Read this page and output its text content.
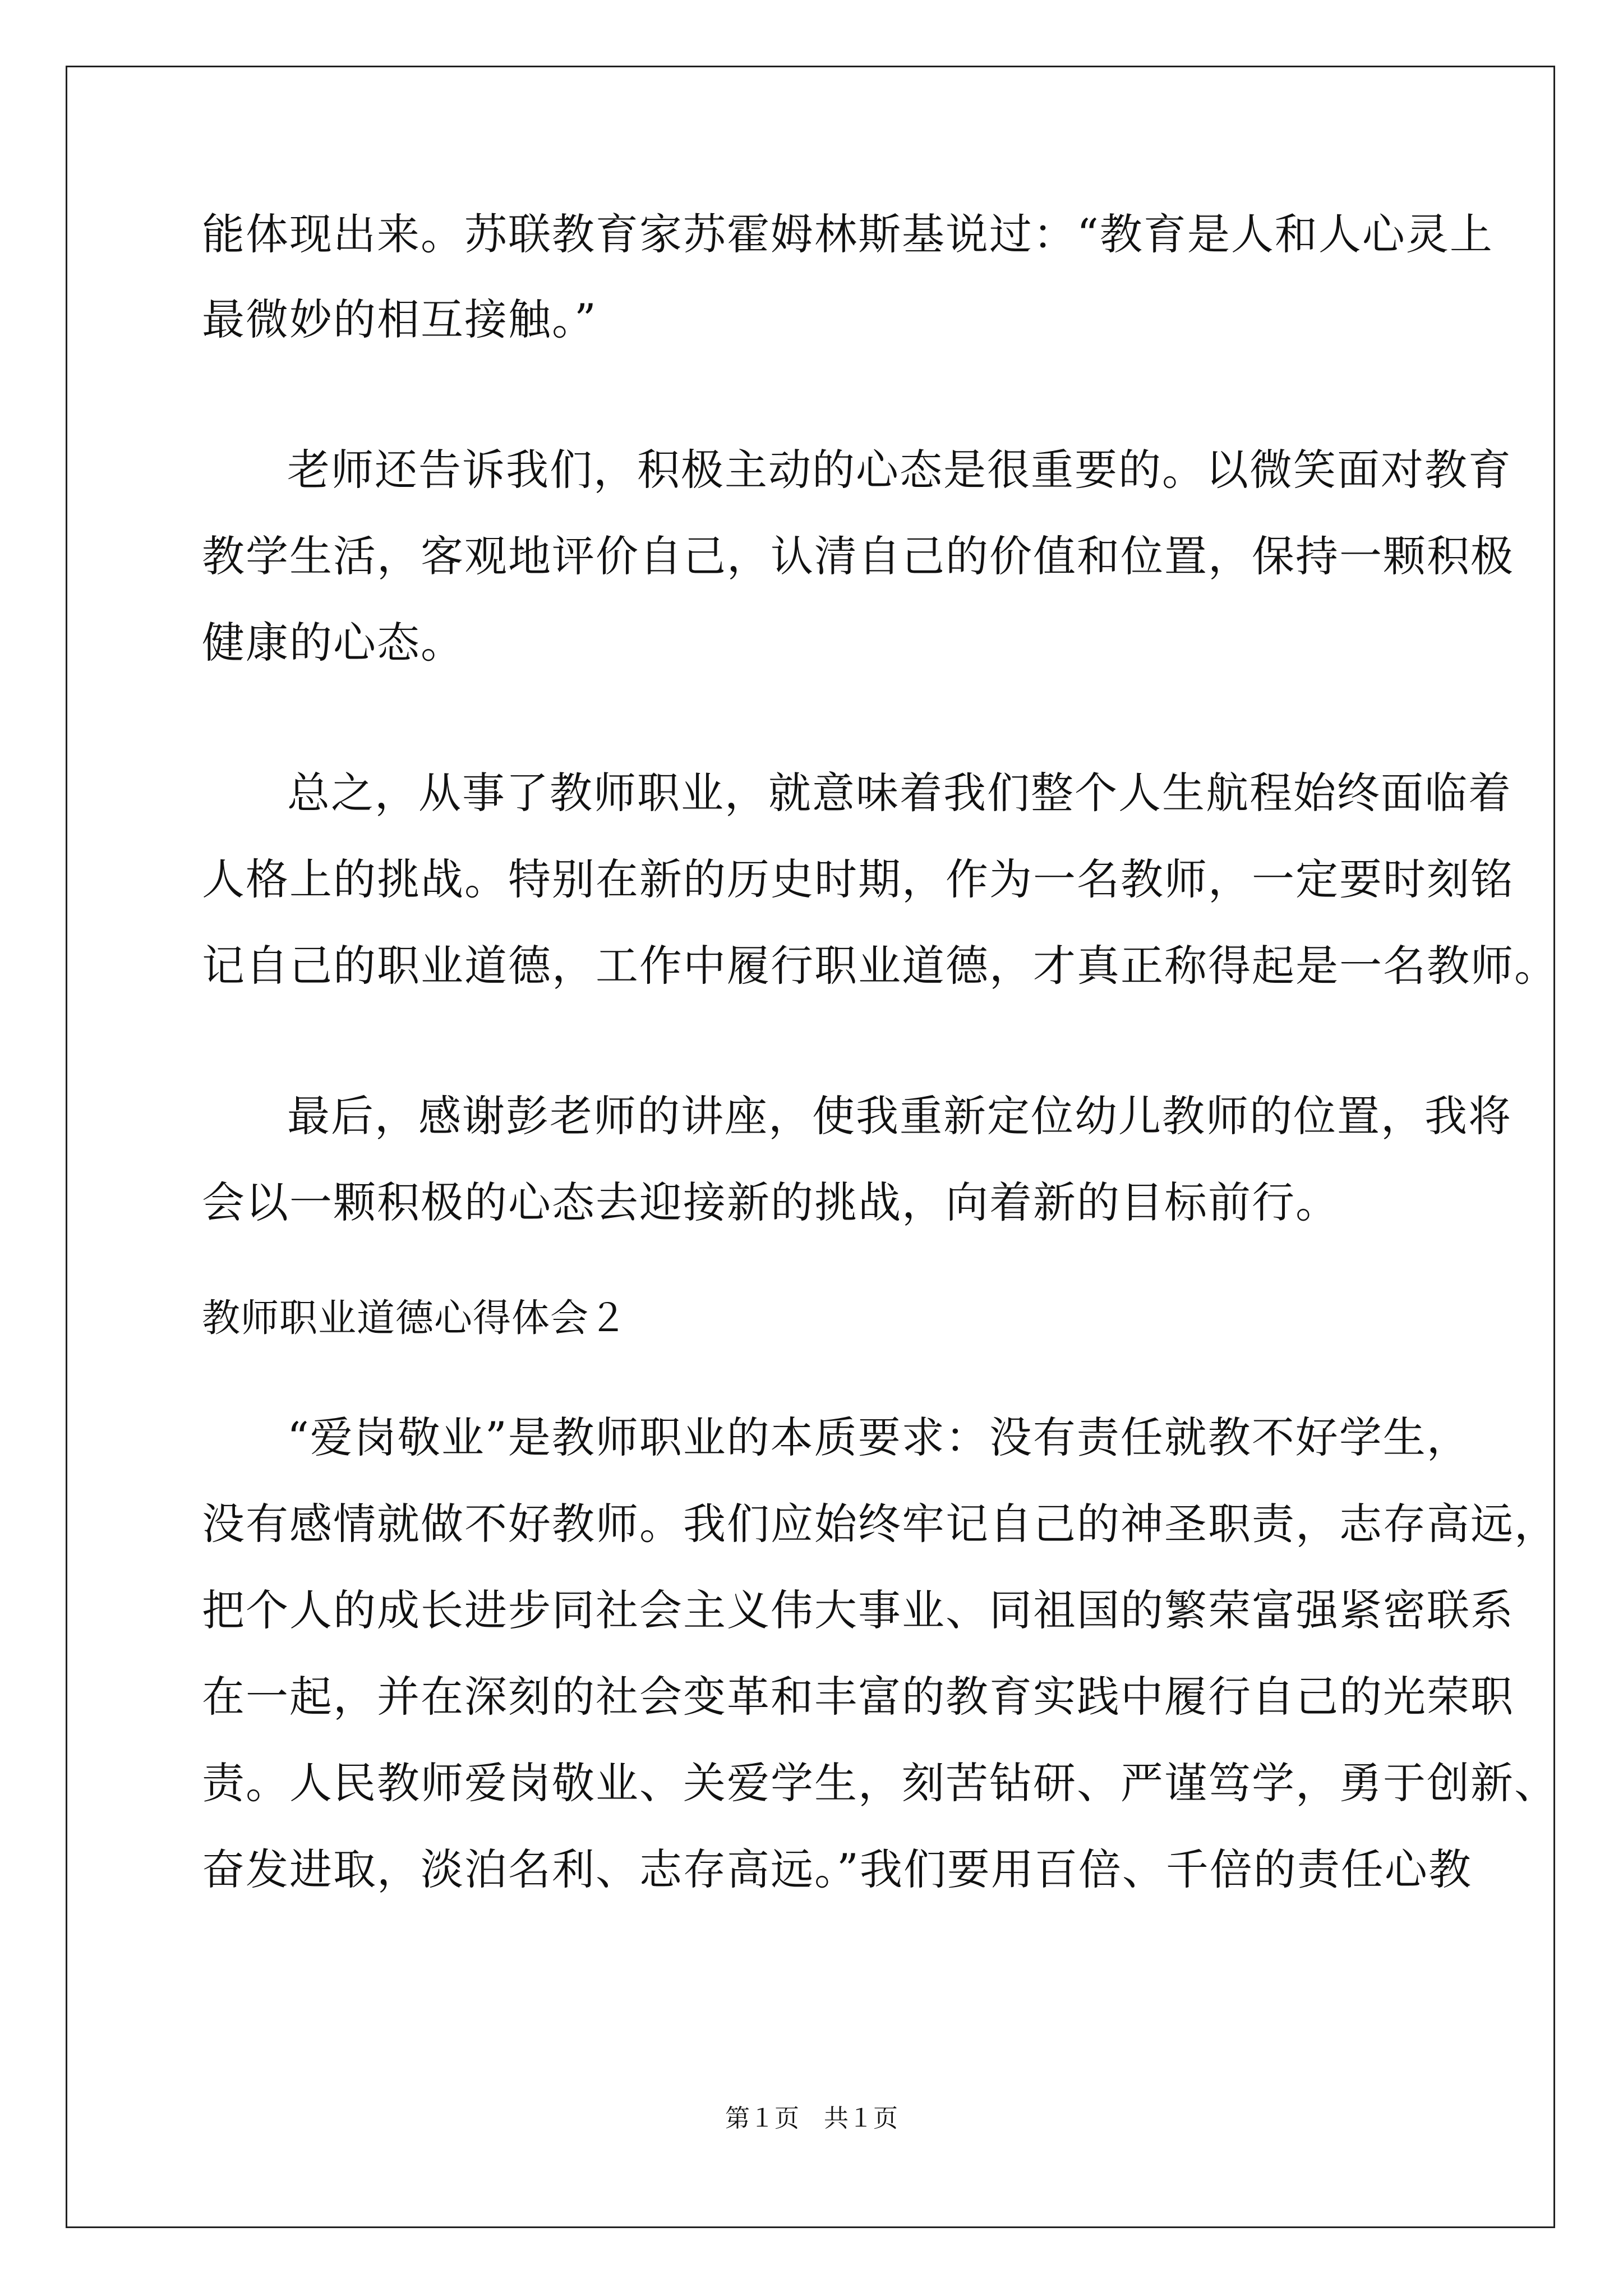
能体现出来。苏联教育家苏霍姆林斯基说过：“教育是人和人心灵上
最微妙的相互接触。”
老师还告诉我们，积极主动的心态是很重要的。以微笑面对教育
教学生活，客观地评价自己，认清自己的价值和位置，保持一颗积极
健康的心态。
总之，从事了教师职业，就意味着我们整个人生航程始终面临着
人格上的挑战。特别在新的历史时期，作为一名教师，一定要时刻铭
记自己的职业道德，工作中履行职业道德，才真正称得起是一名教师。
最后，感谢彭老师的讲座，使我重新定位幼儿教师的位置，我将
会以一颗积极的心态去迎接新的挑战，向着新的目标前行。
教师职业道德心得体会２
“爱岗敬业”是教师职业的本质要求：没有责任就教不好学生，
没有感情就做不好教师。我们应始终牢记自己的神圣职责，志存高远，
把个人的成长进步同社会主义伟大事业、同祖国的繁荣富强紧密联系
在一起，并在深刻的社会变革和丰富的教育实践中履行自己的光荣职
责。人民教师爱岗敬业、关爱学生，刻苦钻研、严谨笃学，勇于创新、
奋发进取，淡泊名利、志存高远。”我们要用百倍、千倍的责任心教
第１页　共１页
